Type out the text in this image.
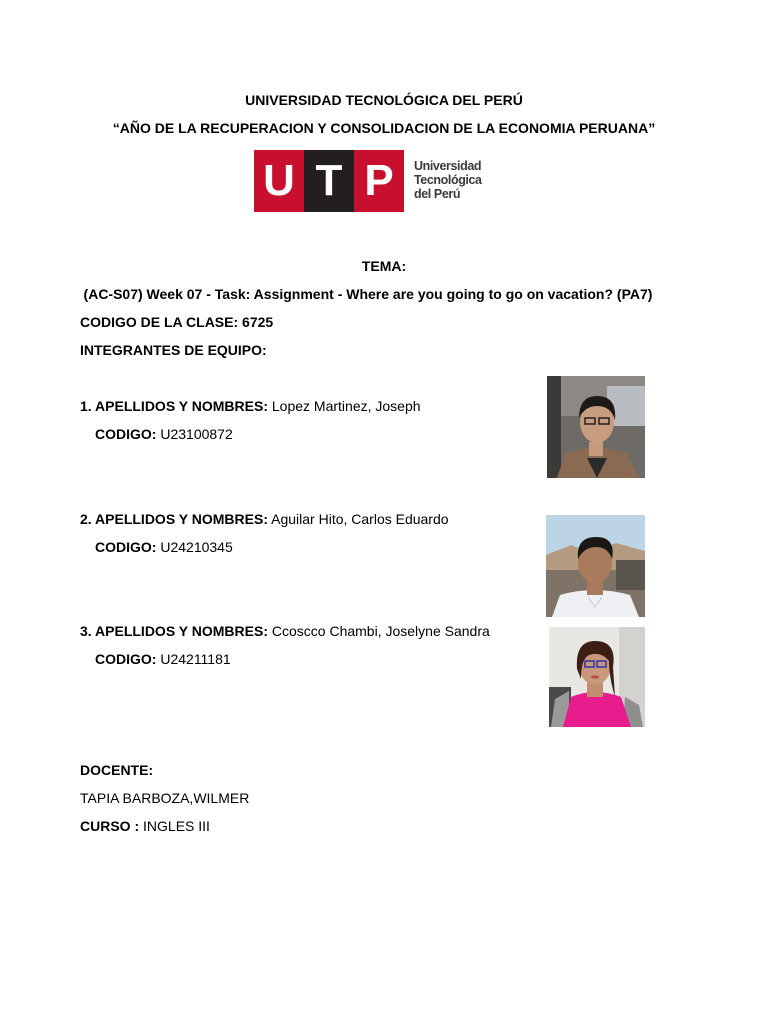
UNIVERSIDAD TECNOLÓGICA DEL PERÚ
“AÑO DE LA RECUPERACION Y CONSOLIDACION DE LA ECONOMIA PERUANA”
U T P	Universidad
Tecnológica
del Perú
TEMA:
(AC-S07) Week 07 - Task: Assignment - Where are you going to go on vacation? (PA7)
CODIGO DE LA CLASE: 6725
INTEGRANTES DE EQUIPO:
1. APELLIDOS Y NOMBRES: Lopez Martinez, Joseph
CODIGO: U23100872
2. APELLIDOS Y NOMBRES: Aguilar Hito, Carlos Eduardo
CODIGO: U24210345
3. APELLIDOS Y NOMBRES: Ccoscco Chambi, Joselyne Sandra
CODIGO: U24211181
DOCENTE:
TAPIA BARBOZA,WILMER
CURSO : INGLES III
